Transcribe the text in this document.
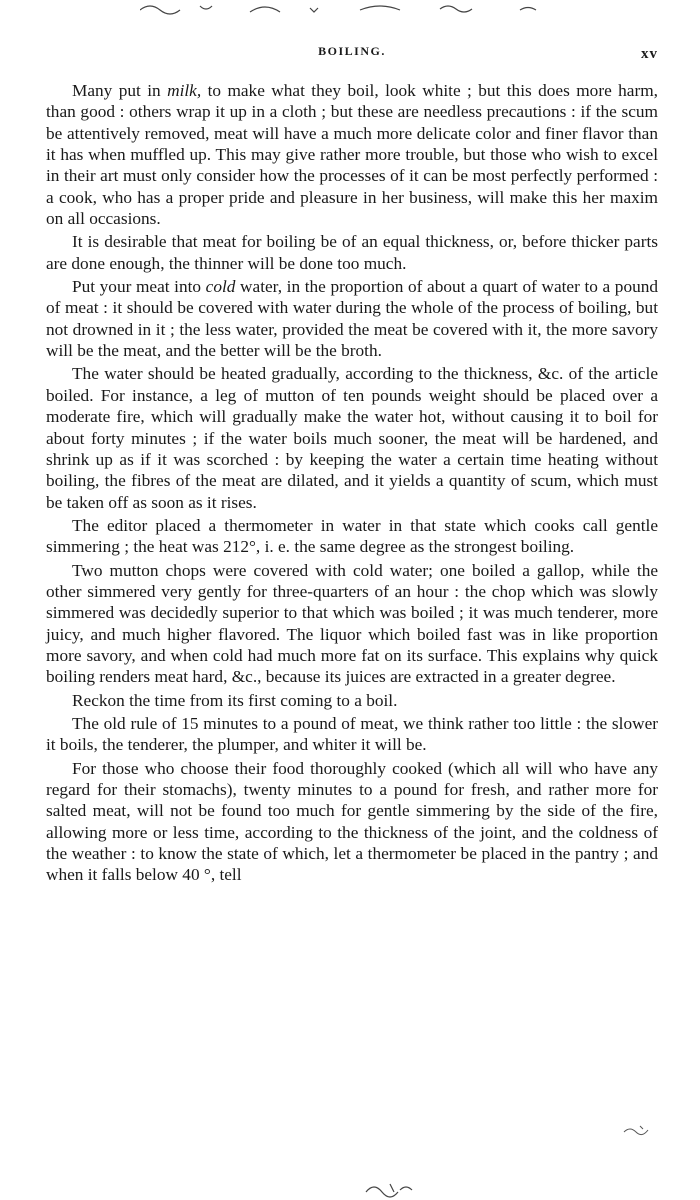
BOILING.	xv

Many put in milk, to make what they boil, look white ; but this does more harm, than good : others wrap it up in a cloth ; but these are needless precautions : if the scum be attentively removed, meat will have a much more delicate color and finer flavor than it has when muffled up. This may give rather more trouble, but those who wish to excel in their art must only consider how the processes of it can be most perfectly performed : a cook, who has a proper pride and pleasure in her business, will make this her maxim on all occasions.

It is desirable that meat for boiling be of an equal thickness, or, before thicker parts are done enough, the thinner will be done too much.

Put your meat into cold water, in the proportion of about a quart of water to a pound of meat : it should be covered with water during the whole of the process of boiling, but not drowned in it ; the less water, provided the meat be covered with it, the more savory will be the meat, and the better will be the broth.

The water should be heated gradually, according to the thickness, &c. of the article boiled. For instance, a leg of mutton of ten pounds weight should be placed over a moderate fire, which will gradually make the water hot, without causing it to boil for about forty minutes ; if the water boils much sooner, the meat will be hardened, and shrink up as if it was scorched : by keeping the water a certain time heating without boiling, the fibres of the meat are dilated, and it yields a quantity of scum, which must be taken off as soon as it rises.

The editor placed a thermometer in water in that state which cooks call gentle simmering ; the heat was 212°, i. e. the same degree as the strongest boiling.

Two mutton chops were covered with cold water; one boiled a gallop, while the other simmered very gently for three-quarters of an hour : the chop which was slowly simmered was decidedly superior to that which was boiled ; it was much tenderer, more juicy, and much higher flavored. The liquor which boiled fast was in like proportion more savory, and when cold had much more fat on its surface. This explains why quick boiling renders meat hard, &c., because its juices are extracted in a greater degree.

Reckon the time from its first coming to a boil.

The old rule of 15 minutes to a pound of meat, we think rather too little : the slower it boils, the tenderer, the plumper, and whiter it will be.

For those who choose their food thoroughly cooked (which all will who have any regard for their stomachs), twenty minutes to a pound for fresh, and rather more for salted meat, will not be found too much for gentle simmering by the side of the fire, allowing more or less time, according to the thickness of the joint, and the coldness of the weather : to know the state of which, let a thermometer be placed in the pantry ; and when it falls below 40 °, tell
